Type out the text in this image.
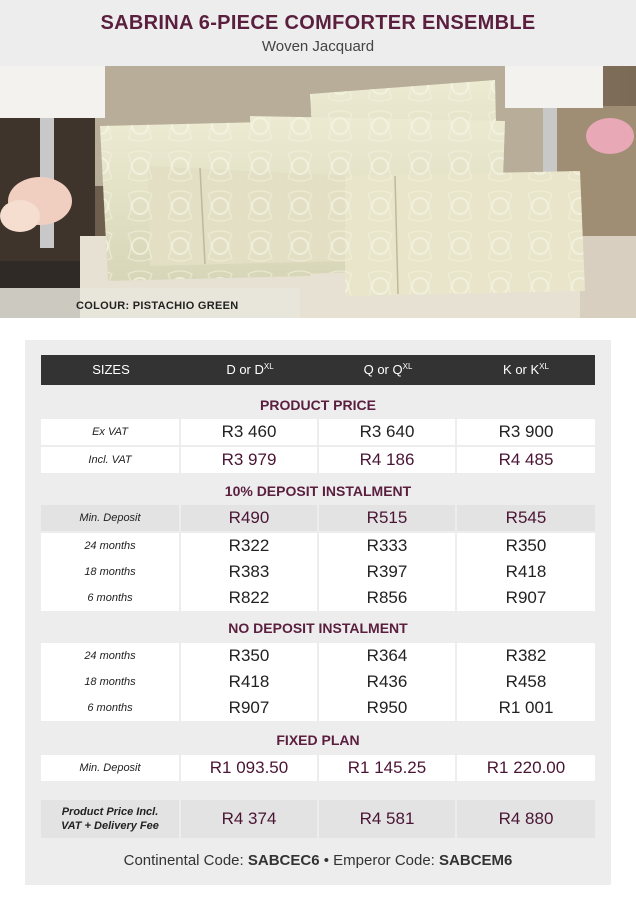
SABRINA 6-PIECE COMFORTER ENSEMBLE
Woven Jacquard
COLOUR: PISTACHIO GREEN
SIZES	D or $D^{XL}$	Q or $Q^{XL}$	K or $K^{XL}$
PRODUCT PRICE
Ex VAT	R3 460	R3 640	R3 900
Incl. VAT	R3 979	R4 186	R4 485
10% DEPOSIT INSTALMENT
Min. Deposit	R490	R515	R545
24 months	R322	R333	R350
18 months	R383	R397	R418
6 months	R822	R856	R907
NO DEPOSIT INSTALMENT
24 months	R350	R364	R382
18 months	R418	R436	R458
6 months	R907	R950	R1 001
FIXED PLAN
Min. Deposit	R1 093.50	R1 145.25	R1 220.00
Product Price Incl.
VAT + Delivery Fee	R4 374	R4 581	R4 880
Continental Code: SABCEC6 • Emperor Code: SABCEM6
